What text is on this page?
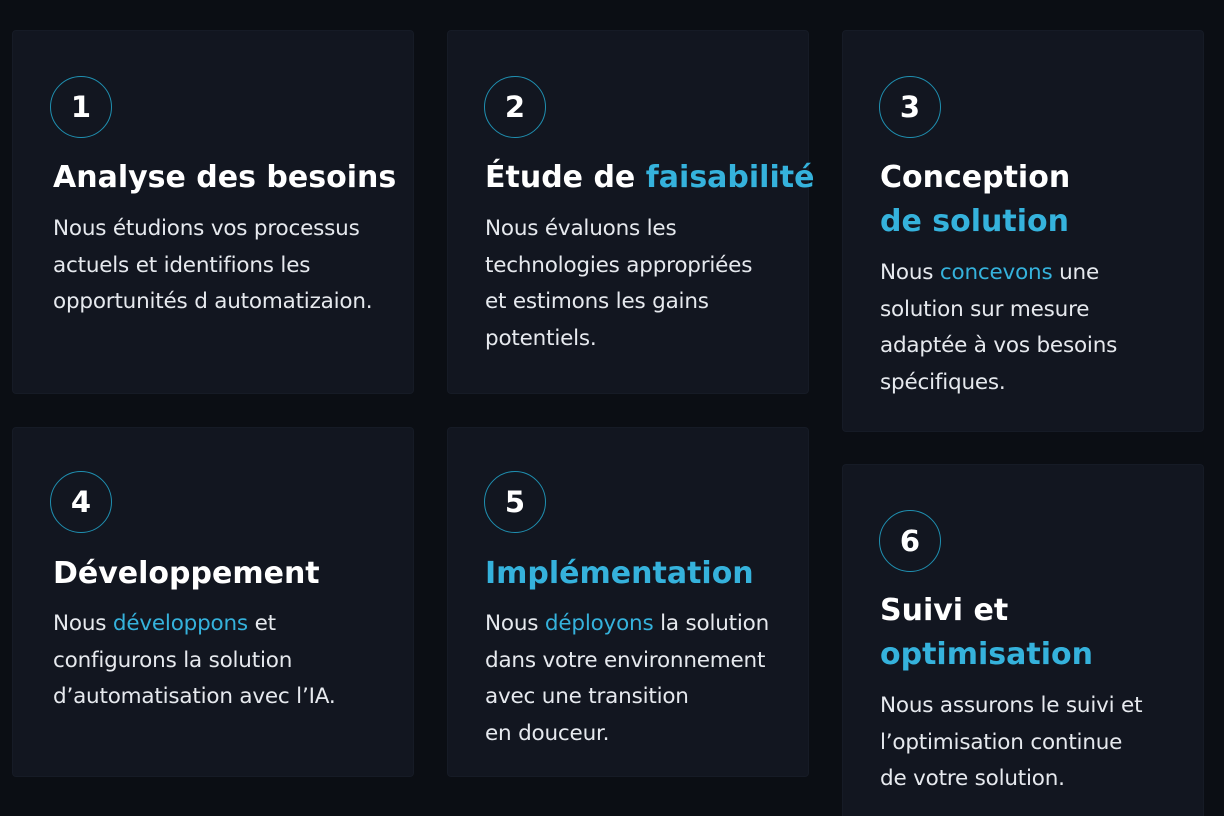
1
Analyse des besoins
Nous étudions vos processus
actuels et identifions les
opportunités d automatizaion.
2
Étude de faisabilité
Nous évaluons les
technologies appropriées
et estimons les gains
potentiels.
3
Conception
de solution
Nous concevons une
solution sur mesure
adaptée à vos besoins
spécifiques.
4
Développement
Nous développons et
configurons la solution
d’automatisation avec l’IA.
5
Implémentation
Nous déployons la solution
dans votre environnement
avec une transition
en douceur.
6
Suivi et
optimisation
Nous assurons le suivi et
l’optimisation continue
de votre solution.
